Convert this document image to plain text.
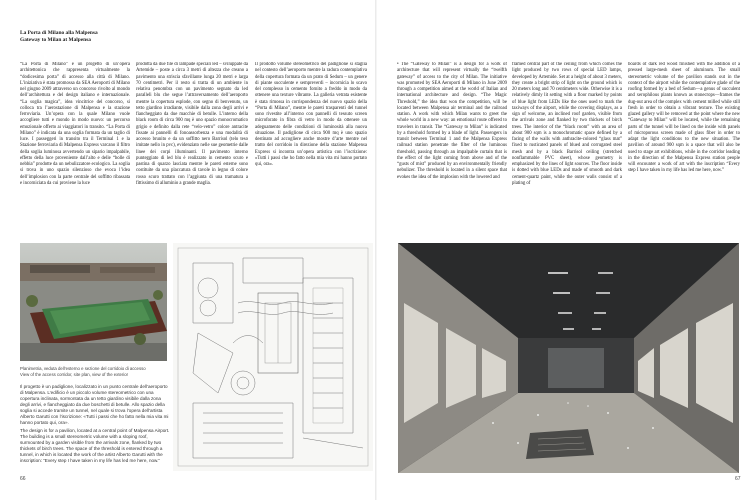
La Porta di Milano alla Malpensa
Gateway to Milan at Malpensa

“La Porta di Milano” è un progetto di un’opera architettonica che rappresenta virtualmente la “dodicesima porta” di accesso alla città di Milano. L’iniziativa è stata promossa da SEA Aeroporti di Milano nel giugno 2009 attraverso un concorso rivolto al mondo dell’architettura e del design italiano e internazionale. “La soglia magica”, idea vincitrice del concorso, si colloca tra l’aerostazione di Malpensa e la stazione ferroviaria. Un’opera con la quale Milano vuole accogliere tutti e mondo in modo nuovo: un percorso emozionale offerto ai viaggiatori in transito. “La Porta di Milano” è indicata da una soglia formata da un taglio di luce. I passeggeri in transito tra il Terminal 1 e la Stazione ferroviaria di Malpensa Express varcano il filtro della soglia luminosa avvertendo un sipario impalpabile, effetto della luce proveniente dall’alto e delle “bolle di nebbia” prodotte da un nebulizzatore ecologico. La soglia si trova in uno spazio silenzioso che evoca l’idea dell’implosion con la parte centrale del soffitto ribassata e incorniciata da cui proviene la luce

prodotta da due file di lampade speciali led – sviluppate da Artemide – poste a circa 3 metri di altezza che creano a pavimento una striscia sfavillante lunga 20 metri e larga 70 centimetri. Per il resto si tratta di un ambiente in relativa penombra con un pavimento segnato da led paralleli blu che segue l’attraversamento dell’aeroporto mentre la copertura esplode, con segno di benvenuto, un tetto giardino irradiante, visibile dalla zona degli arrivi e fiancheggiato da due macchie di betulle. L’interno della black room di circa 900 mq è uno spazio monocromatico grigio e definito dalla rete “velo-vetro” colore antracite fissate ai pannelli di fonoassorbenza e una modalità di accesso brunito e da un soffitto nero Barrisol (telo teso imitate nello in pvc), evidenziato nelle sue geometrie dalle linee dei corpi illuminanti. Il pavimento interno punteggiato di led blu è realizzato in cemento scuro e pastina di quarzo lasciata mentre le pareti esterne sono costituite da una placcatura di tavole in legno di colore rosso scuro trattato con l’aggiunta di una tramatura a fittissimo di alluminio a grande maglia.

Il prodotto volume stereometrico del padiglione si staglia nel contesto dell’aeroporto mentre la radura contemplativa della copertura formata da un prato di Sedum – un genere di piante succulente e sempreverdi – incornicia lo scavo del complesso in cemento fornito a freddo in modo da ottenere una texture vibrante. La galleria vetrata esistente è stata rimossa in corrispondenza del nuovo spazio della “Porta di Milano”, mentre le pareti trasparenti del tunnel sono rivestite all’interno con pannelli di tessuto screen microforato in fibra di vetro in modo da ottenere un adeguamento delle condizioni di luminosità alla nuova situazione. Il padiglione di circa 900 mq è uno spazio destinato ad accogliere anche mostre d’arte mentre nel tratto del corridoio in direzione della stazione Malpensa Express si incontra un’opera artistica con l’iscrizione: «Tutti i passi che ho fatto nella mia vita mi hanno portato qui, ora».

• The “Gateway to Milan” is a design for a work of architecture that will represent virtually the “twelfth gateway” of access to the city of Milan. The initiative was promoted by SEA Aeroporti di Milano in June 2009 through a competition aimed at the world of Italian and international architecture and design. “The Magic Threshold,” the idea that won the competition, will be located between Malpensa air terminal and the railroad station. A work with which Milan wants to greet the whole world in a new way: an emotional route offered to travelers in transit. The “Gateway to Milan” is indicated by a threshold formed by a blade of light. Passengers in transit between Terminal 1 and the Malpensa Express railroad station penetrate the filter of the luminous threshold, passing through an impalpable curtain that is the effect of the light coming from above and of the “gusts of mist” produced by an environmentally friendly nebulizer. The threshold is located in a silent space that evokes the idea of the implosion with the lowered and

framed central part of the ceiling from which comes the light produced by two rows of special LED lamps, developed by Artemide. Set at a height of about 3 meters, they create a bright strip of light on the ground which is 20 meters long and 70 centimeters wide. Otherwise it is a relatively dimly lit setting with a floor marked by points of blue light from LEDs like the ones used to mark the taxiways of the airport, while the covering displays, as a sign of welcome, an inclined roof garden, visible from the arrivals zone and flanked by two thickets of birch trees. The interior of the “black room” with an area of about 900 sqm is a monochromatic space defined by a facing of the walls with anthracite-colored “glass mat” fixed to rusticated panels of blued and corrugated steel mesh and by a black Barrisol ceiling (stretched nonflammable PVC sheet), whose geometry is emphasized by the lines of light sources. The floor inside is dotted with blue LEDs and made of smooth and dark cement-quartz paint, while the outer walls consist of a plating of

boards of dark red wood finished with the addition of a pressed large-mesh sheet of aluminum. The small stereometric volume of the pavilion stands out in the context of the airport while the contemplative glade of the roofing formed by a bed of Sedum—a genus of succulent and xerophilous plants known as stonecrops—frames the dug-out area of the complex with cement milled while still fresh in order to obtain a vibrant texture. The existing glazed gallery will be removed at the point where the new “Gateway to Milan” will be located, while the remaining parts of the tunnel will be lined on the inside with panels of microporous screen made of glass fiber in order to adapt the light conditions to the new situation. The pavilion of around 900 sqm is a space that will also be used to stage art exhibitions, while in the corridor leading in the direction of the Malpensa Express station people will encounter a work of art with the inscription “Every step I have taken in my life has led me here, now.”

Planimetria, veduta dell’esterno e sezione del corridoio di accesso
View of the access corridor, site plan, view of the exterior
Il progetto è un padiglione, localizzato in un punto centrale dell’aeroporto di Malpensa. L’edificio è un piccolo volume stereometrico con una copertura inclinata, sormontata da un tetto giardino visibile dalla zona degli arrivi, e fiancheggiato da due boschetti di betulle. Allo spazio della soglia si accede tramite un tunnel, nel quale si trova l’opera dell’artista Alberto Garutti con l’iscrizione: «Tutti i passi che ho fatto nella mia vita mi hanno portato qui, ora».
The design is for a pavilion, located at a central point of Malpensa Airport. The building is a small stereometric volume with a sloping roof, surmounted by a garden visible from the arrivals zone, flanked by two thickets of birch trees. The space of the threshold is entered through a tunnel, in which is located the work of the artist Alberto Garutti with the inscription: “Every step I have taken in my life has led me here, now.”
66	67
